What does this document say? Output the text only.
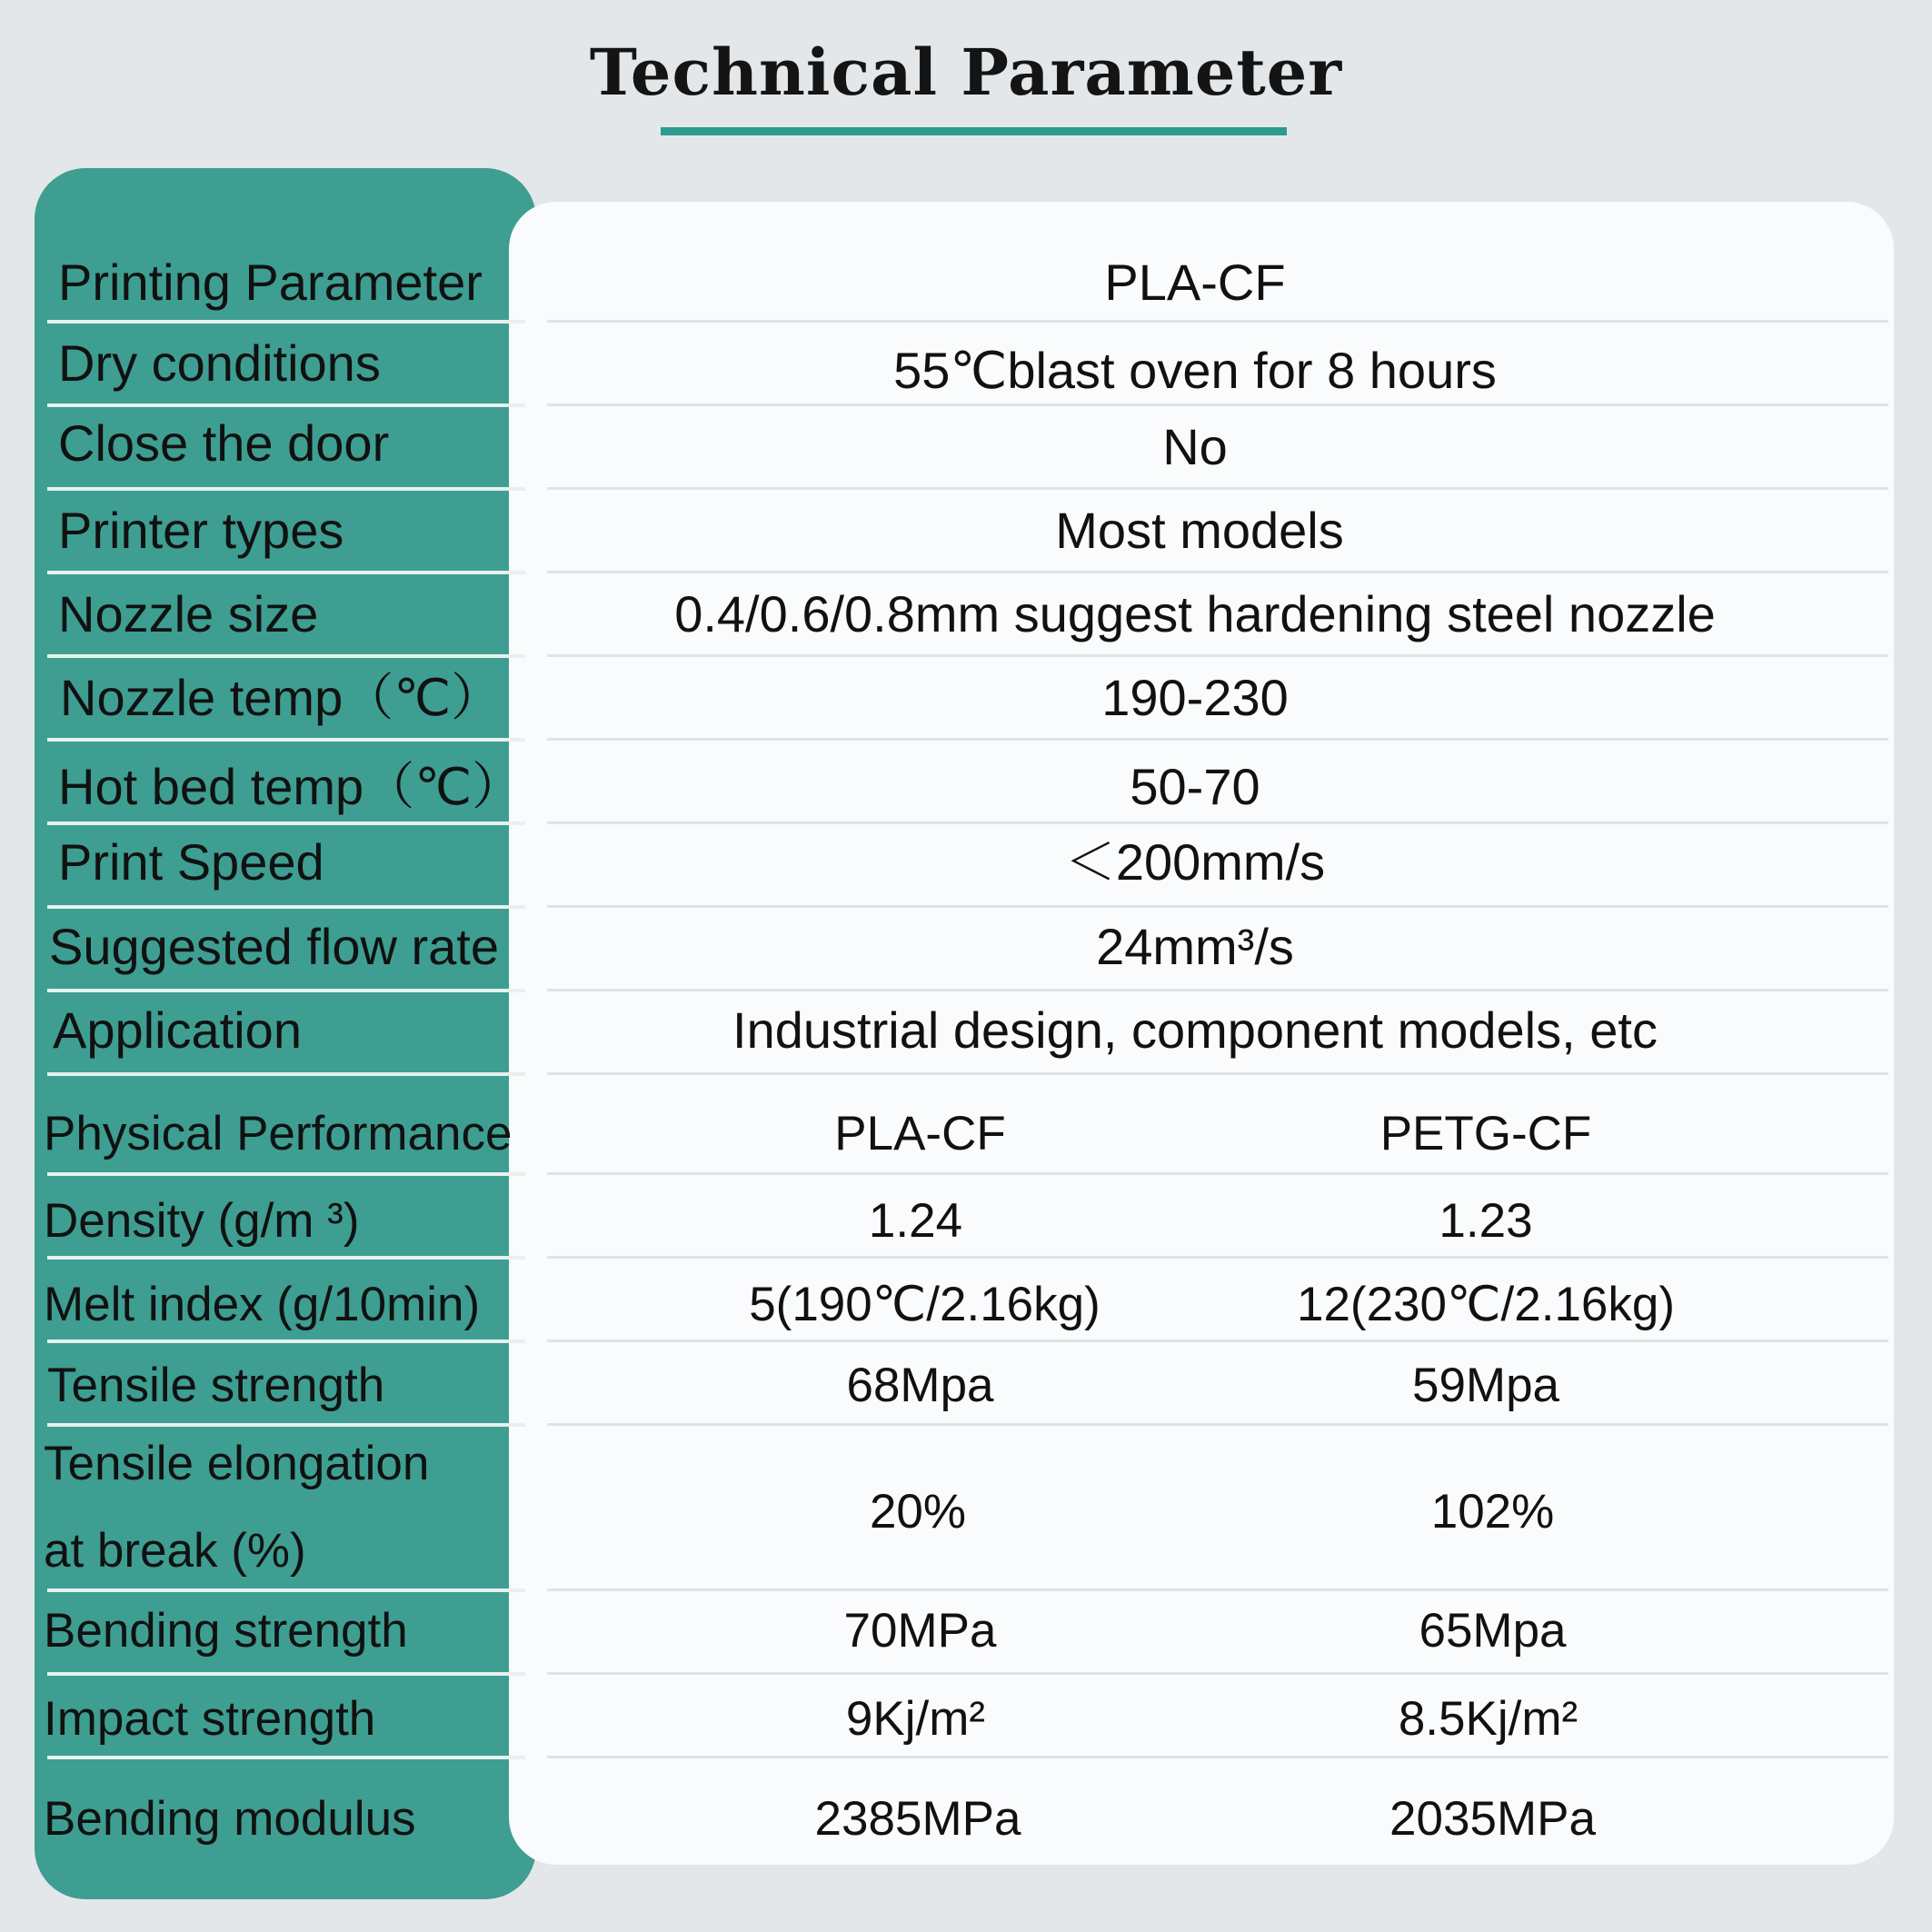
Technical Parameter
Printing Parameter	PLA-CF
Dry conditions	55℃blast oven for 8 hours
Close the door	No
Printer types	Most models
Nozzle size	0.4/0.6/0.8mm suggest hardening steel nozzle
Nozzle temp（℃）	190-230
Hot bed temp（℃）	50-70
Print Speed	＜200mm/s
Suggested flow rate	24mm³/s
Application	Industrial design, component models, etc
Physical Performance	PLA-CF	PETG-CF
Density (g/m ³)	1.24	1.23
Melt index (g/10min)	5(190℃/2.16kg)	12(230℃/2.16kg)
Tensile strength	68Mpa	59Mpa
Tensile elongation
at break (%)
20%	102%
Bending strength	70MPa	65Mpa
Impact strength	9Kj/m²	8.5Kj/m²
Bending modulus	2385MPa	2035MPa
